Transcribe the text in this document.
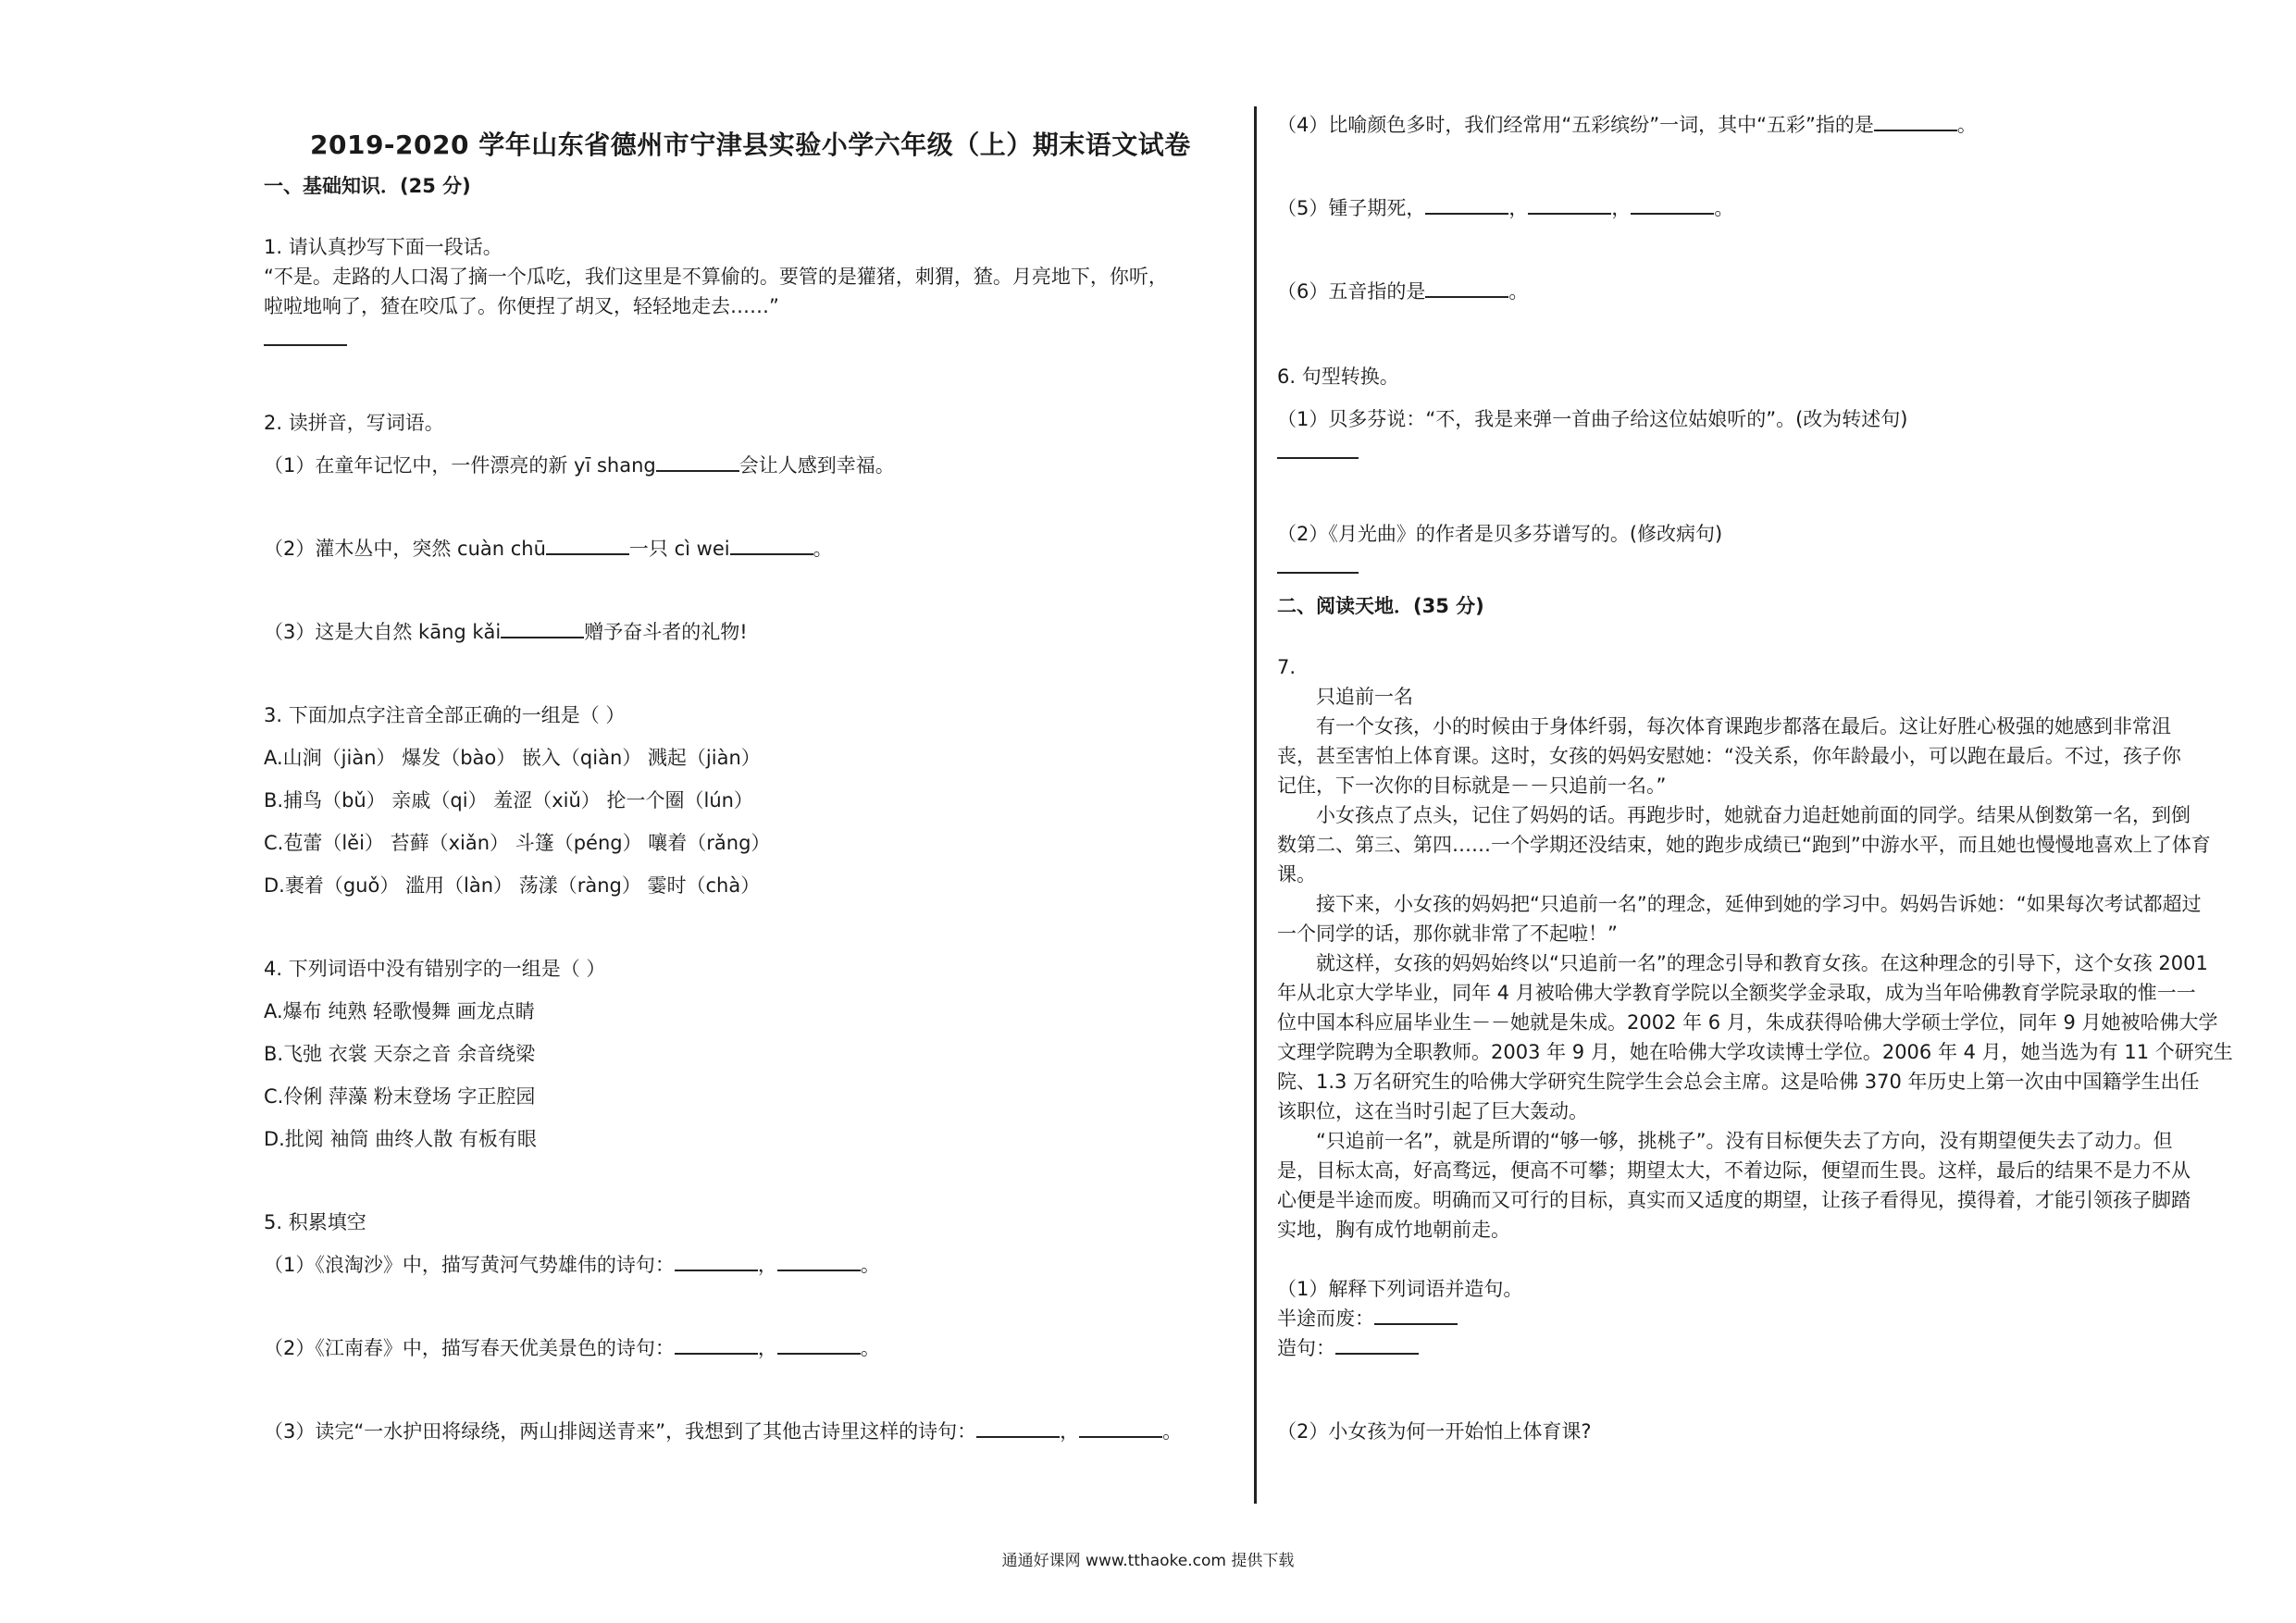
2019-2020 学年山东省德州市宁津县实验小学六年级（上）期末语文试卷
一、基础知识．(25 分)
1. 请认真抄写下面一段话。
“不是。走路的人口渴了摘一个瓜吃，我们这里是不算偷的。要管的是獾猪，刺猬，猹。月亮地下，你听，
啦啦地响了，猹在咬瓜了。你便捏了胡叉，轻轻地走去……”
2. 读拼音，写词语。
（1）在童年记忆中，一件漂亮的新 yī shang	会让人感到幸福。
（2）灌木丛中，突然 cuàn chū	一只 cì wei	。
（3）这是大自然 kāng kǎi	赠予奋斗者的礼物!
3. 下面加点字注音全部正确的一组是（ ）
A.山涧（jiàn） 爆发（bào） 嵌入（qiàn） 溅起（jiàn）
B.捕鸟（bǔ） 亲戚（qi） 羞涩（xiǔ） 抡一个圈（lún）
C.苞蕾（lěi） 苔藓（xiǎn） 斗篷（péng） 嚷着（rǎng）
D.裹着（guǒ） 滥用（làn） 荡漾（ràng） 霎时（chà）
4. 下列词语中没有错别字的一组是（ ）
A.爆布 纯熟 轻歌慢舞 画龙点睛
B.飞弛 衣裳 天奈之音 余音绕梁
C.伶俐 萍藻 粉末登场 字正腔园
D.批阅 袖筒 曲终人散 有板有眼
5. 积累填空
（1）《浪淘沙》中，描写黄河气势雄伟的诗句：	，	。
（2）《江南春》中，描写春天优美景色的诗句：	，	。
（3）读完“一水护田将绿绕，两山排闼送青来”，我想到了其他古诗里这样的诗句：	，	。
（4）比喻颜色多时，我们经常用“五彩缤纷”一词，其中“五彩”指的是	。
（5）锺子期死，	，	，	。
（6）五音指的是	。
6. 句型转换。
（1）贝多芬说：“不，我是来弹一首曲子给这位姑娘听的”。(改为转述句)
（2）《月光曲》的作者是贝多芬谱写的。(修改病句)
二、阅读天地．(35 分)
7.
只追前一名
有一个女孩，小的时候由于身体纤弱，每次体育课跑步都落在最后。这让好胜心极强的她感到非常沮
丧，甚至害怕上体育课。这时，女孩的妈妈安慰她：“没关系，你年龄最小，可以跑在最后。不过，孩子你
记住，下一次你的目标就是－－只追前一名。”
小女孩点了点头，记住了妈妈的话。再跑步时，她就奋力追赶她前面的同学。结果从倒数第一名，到倒
数第二、第三、第四……一个学期还没结束，她的跑步成绩已“跑到”中游水平，而且她也慢慢地喜欢上了体育
课。
接下来，小女孩的妈妈把“只追前一名”的理念，延伸到她的学习中。妈妈告诉她：“如果每次考试都超过
一个同学的话，那你就非常了不起啦！”
就这样，女孩的妈妈始终以“只追前一名”的理念引导和教育女孩。在这种理念的引导下，这个女孩 2001
年从北京大学毕业，同年 4 月被哈佛大学教育学院以全额奖学金录取，成为当年哈佛教育学院录取的惟一一
位中国本科应届毕业生－－她就是朱成。2002 年 6 月，朱成获得哈佛大学硕士学位，同年 9 月她被哈佛大学
文理学院聘为全职教师。2003 年 9 月，她在哈佛大学攻读博士学位。2006 年 4 月，她当选为有 11 个研究生
院、1.3 万名研究生的哈佛大学研究生院学生会总会主席。这是哈佛 370 年历史上第一次由中国籍学生出任
该职位，这在当时引起了巨大轰动。
“只追前一名”，就是所谓的“够一够，挑桃子”。没有目标便失去了方向，没有期望便失去了动力。但
是，目标太高，好高骛远，便高不可攀；期望太大，不着边际，便望而生畏。这样，最后的结果不是力不从
心便是半途而废。明确而又可行的目标，真实而又适度的期望，让孩子看得见，摸得着，才能引领孩子脚踏
实地，胸有成竹地朝前走。
（1）解释下列词语并造句。
半途而废：
造句：
（2）小女孩为何一开始怕上体育课?
通通好课网 www.tthaoke.com 提供下载
